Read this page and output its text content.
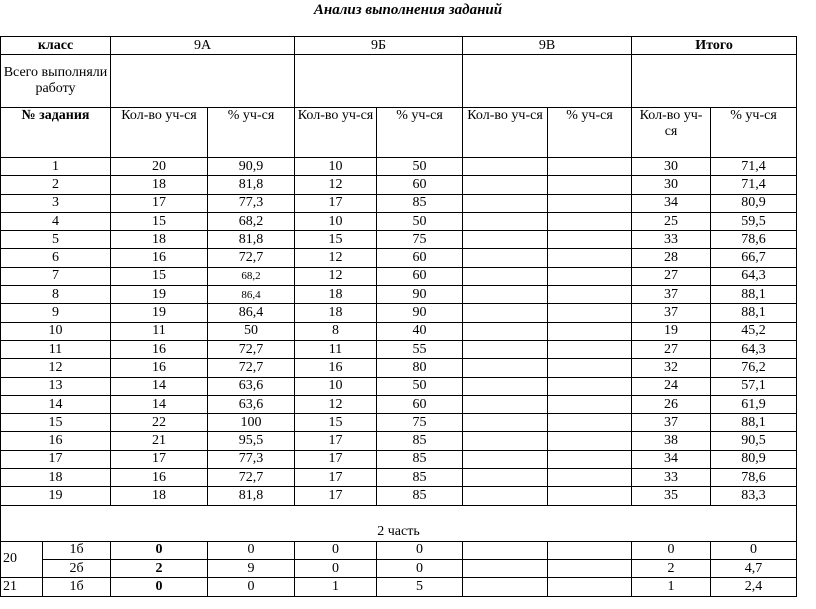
Анализ выполнения заданий
класс		9А		9Б		9В		Итого	
Всего выполняли работу									
№ задания		Кол-во уч-ся	% уч-ся	Кол-во уч-ся	% уч-ся	Кол-во уч-ся	% уч-ся	Кол-во уч-ся	% уч-ся
1		20	90,9	10	50			30	71,4
2		18	81,8	12	60			30	71,4
3		17	77,3	17	85			34	80,9
4		15	68,2	10	50			25	59,5
5		18	81,8	15	75			33	78,6
6		16	72,7	12	60			28	66,7
7		15	68,2	12	60			27	64,3
8		19	86,4	18	90			37	88,1
9		19	86,4	18	90			37	88,1
10		11	50	8	40			19	45,2
11		16	72,7	11	55			27	64,3
12		16	72,7	16	80			32	76,2
13		14	63,6	10	50			24	57,1
14		14	63,6	12	60			26	61,9
15		22	100	15	75			37	88,1
16		21	95,5	17	85			38	90,5
17		17	77,3	17	85			34	80,9
18		16	72,7	17	85			33	78,6
19		18	81,8	17	85			35	83,3
2 часть									
20	1б	0	0	0	0			0	0
	2б	2	9	0	0			2	4,7
21	1б	0	0	1	5			1	2,4
